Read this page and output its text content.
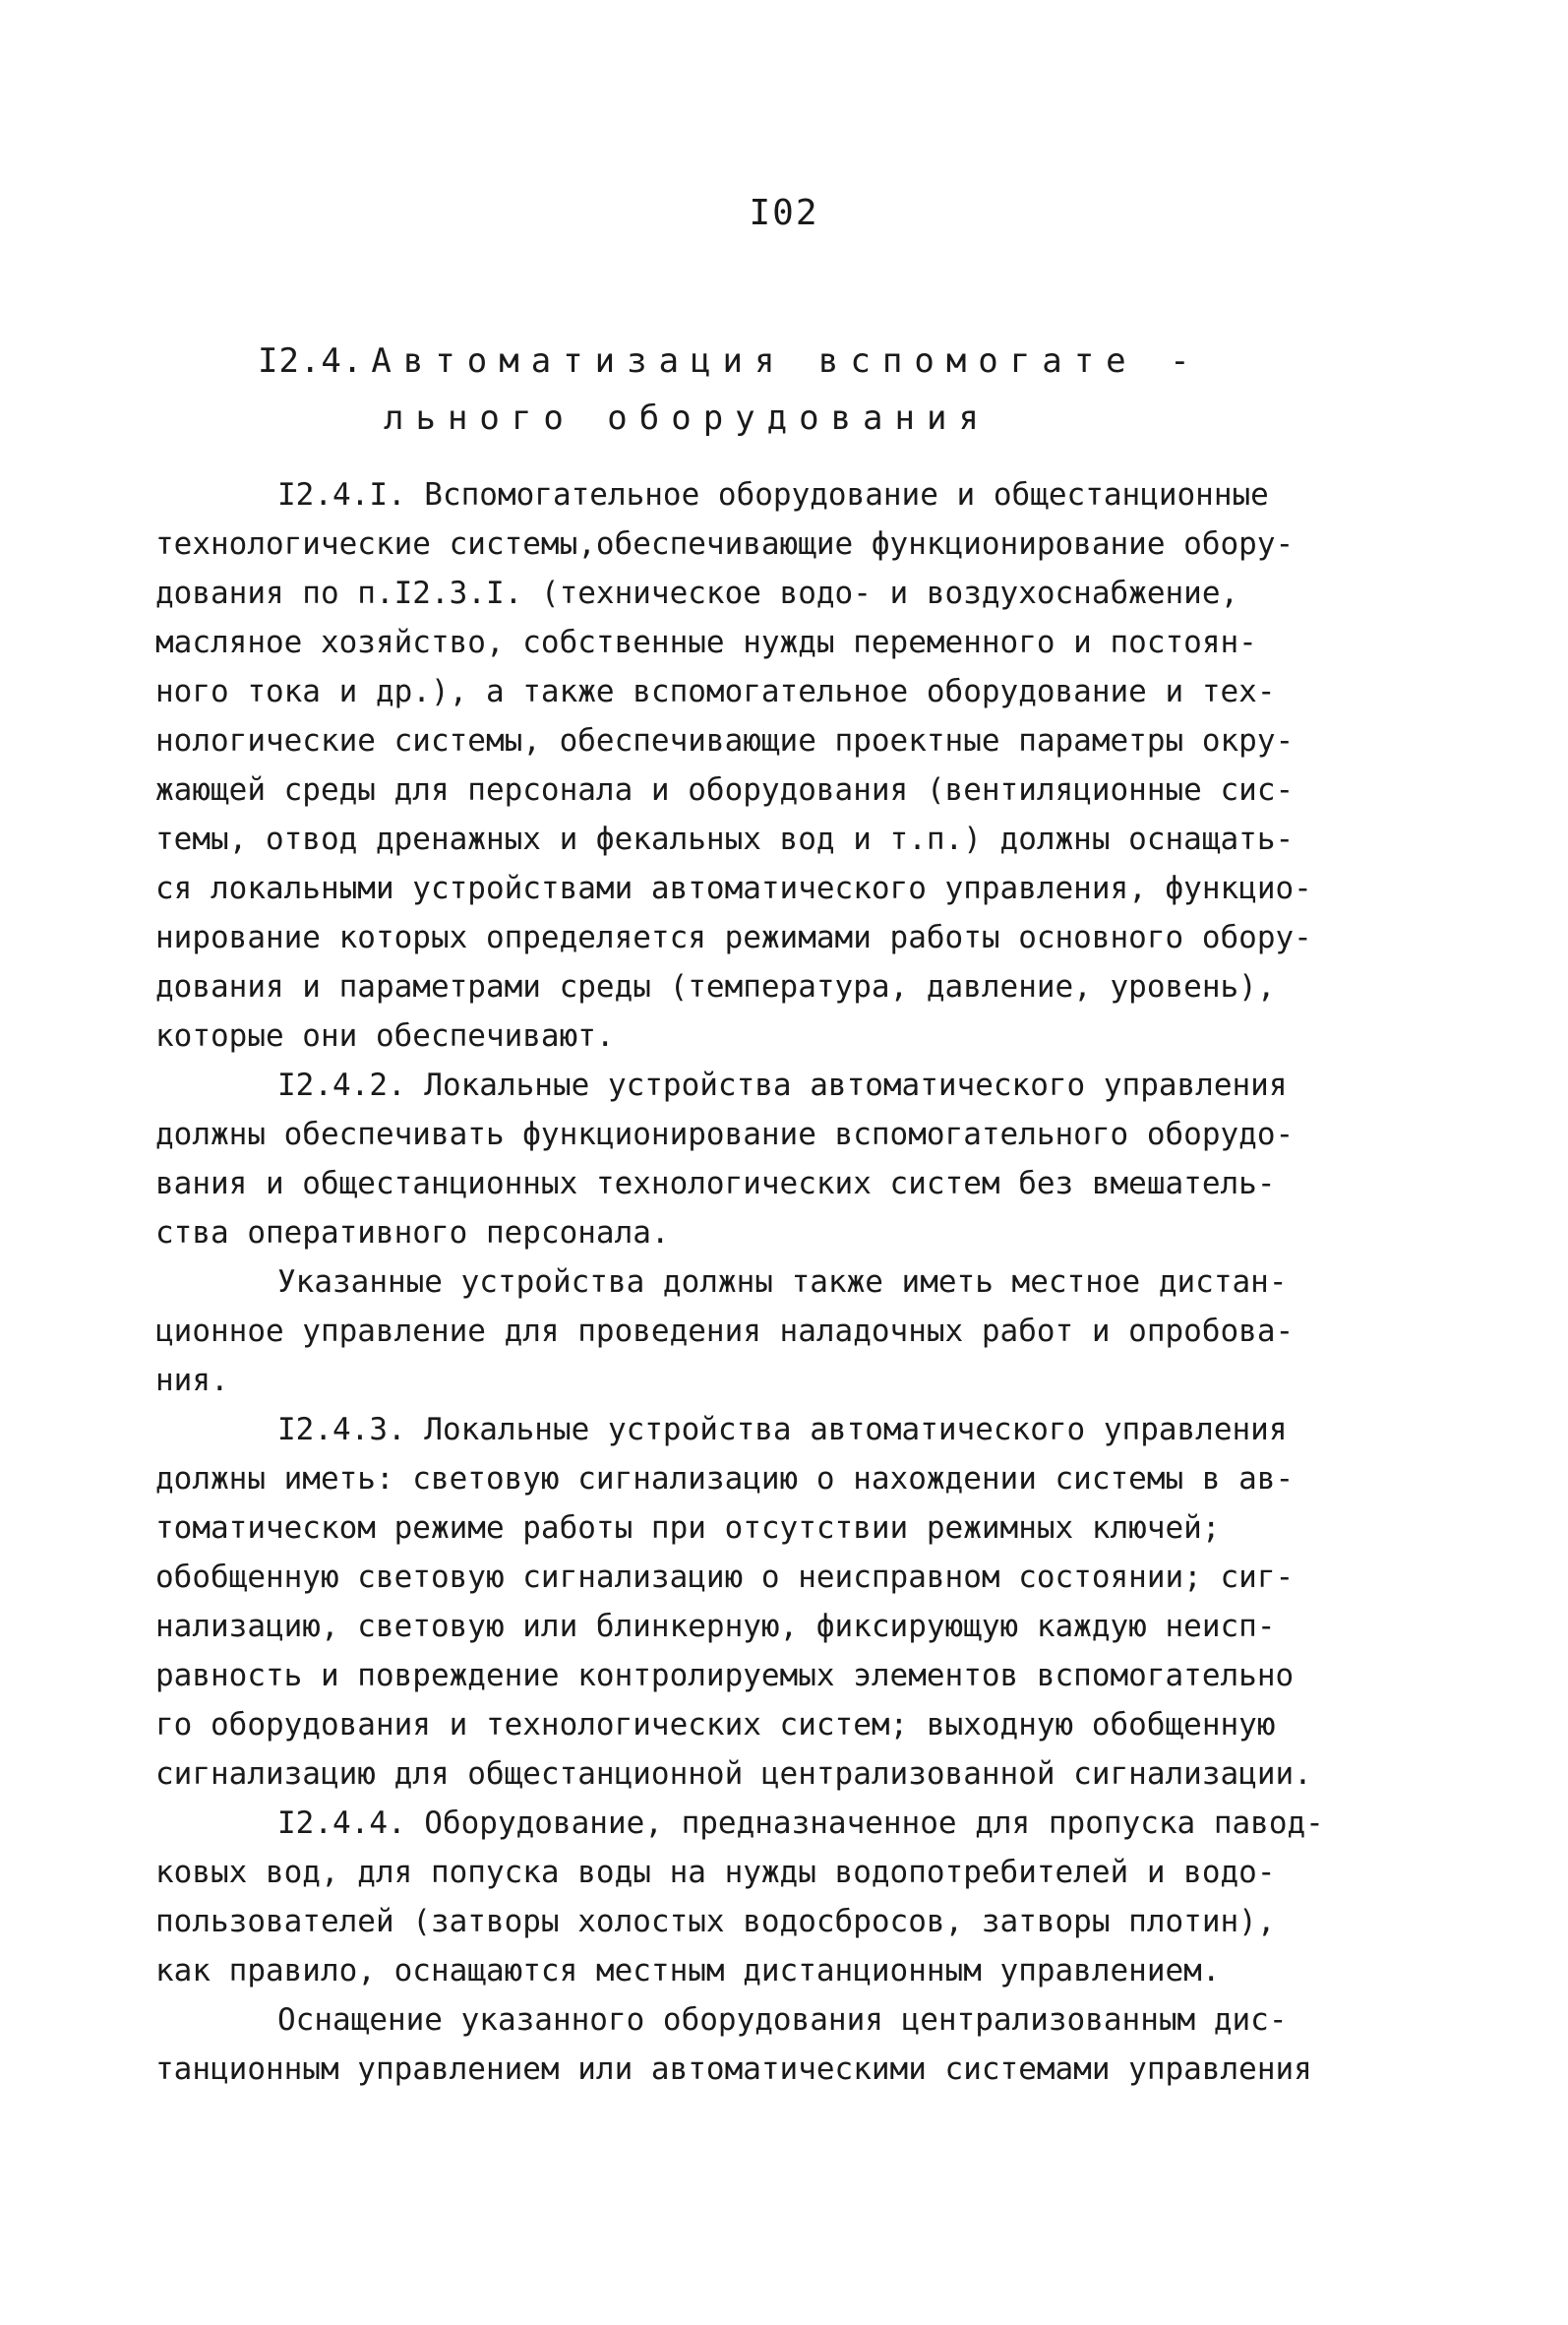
I02
I2.4. Автоматизация вспомогате -
льного оборудования
I2.4.I. Вспомогательное оборудование и общестанционные
технологические системы,обеспечивающие функционирование обору-
дования по п.I2.3.I. (техническое водо- и воздухоснабжение,
масляное хозяйство, собственные нужды переменного и постоян-
ного тока и др.), а также вспомогательное оборудование и тех-
нологические системы, обеспечивающие проектные параметры окру-
жающей среды для персонала и оборудования (вентиляционные сис-
темы, отвод дренажных и фекальных вод и т.п.) должны оснащать-
ся локальными устройствами автоматического управления, функцио-
нирование которых определяется режимами работы основного обору-
дования и параметрами среды (температура, давление, уровень),
которые они обеспечивают.
I2.4.2. Локальные устройства автоматического управления
должны обеспечивать функционирование вспомогательного оборудо-
вания и общестанционных технологических систем без вмешатель-
ства оперативного персонала.
Указанные устройства должны также иметь местное дистан-
ционное управление для проведения наладочных работ и опробова-
ния.
I2.4.3. Локальные устройства автоматического управления
должны иметь: световую сигнализацию о нахождении системы в ав-
томатическом режиме работы при отсутствии режимных ключей;
обобщенную световую сигнализацию о неисправном состоянии; сиг-
нализацию, световую или блинкерную, фиксирующую каждую неисп-
равность и повреждение контролируемых элементов вспомогательно
го оборудования и технологических систем; выходную обобщенную
сигнализацию для общестанционной централизованной сигнализации.
I2.4.4. Оборудование, предназначенное для пропуска павод-
ковых вод, для попуска воды на нужды водопотребителей и водо-
пользователей (затворы холостых водосбросов, затворы плотин),
как правило, оснащаются местным дистанционным управлением.
Оснащение указанного оборудования централизованным дис-
танционным управлением или автоматическими системами управления
